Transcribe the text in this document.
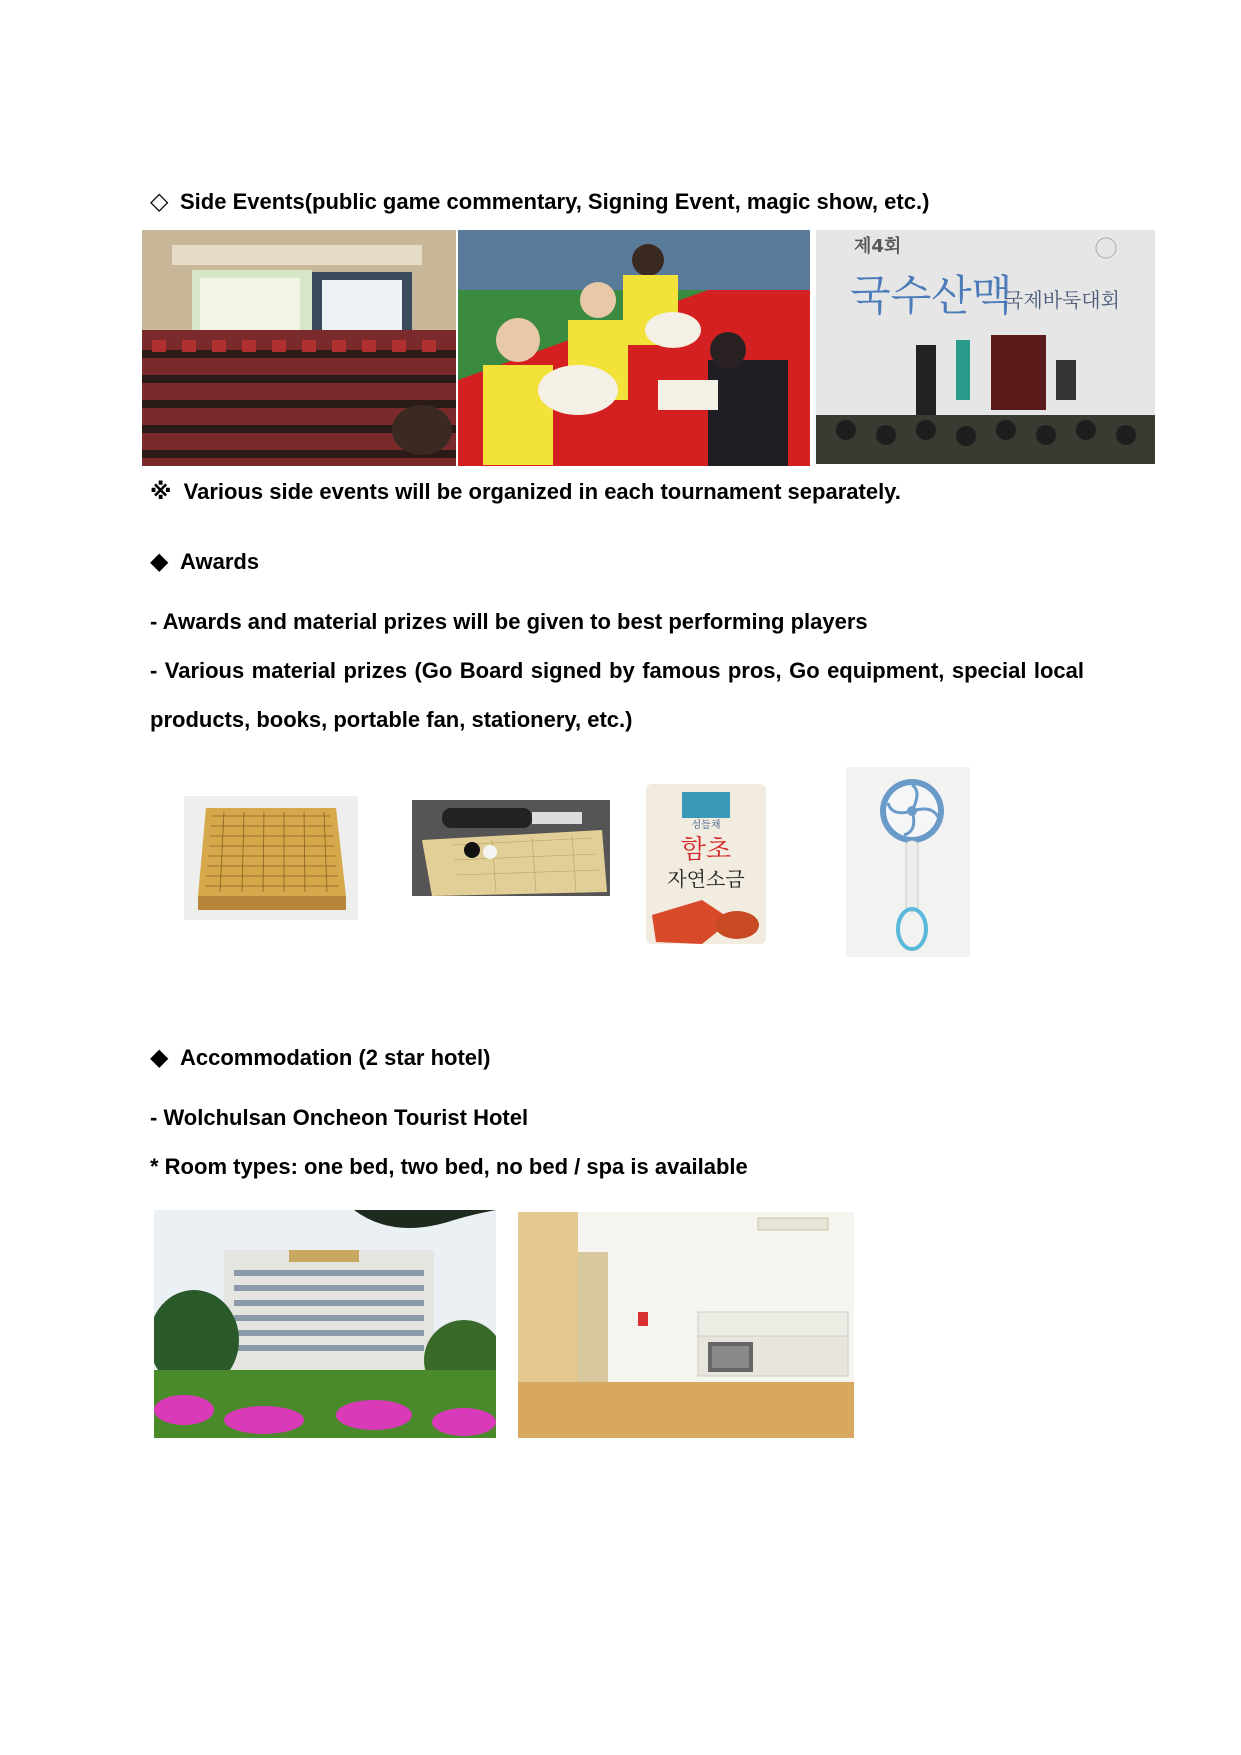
◇ Side Events(public game commentary, Signing Event, magic show, etc.)
제4회
국수산맥
국제바둑대회
※ Various side events will be organized in each tournament separately.
◆ Awards
- Awards and material prizes will be given to best performing players
- Various material prizes (Go Board signed by famous pros, Go equipment, special local
products, books, portable fan, stationery, etc.)
섬들채
함초
자연소금
◆ Accommodation (2 star hotel)
- Wolchulsan Oncheon Tourist Hotel
* Room types: one bed, two bed, no bed / spa is available
